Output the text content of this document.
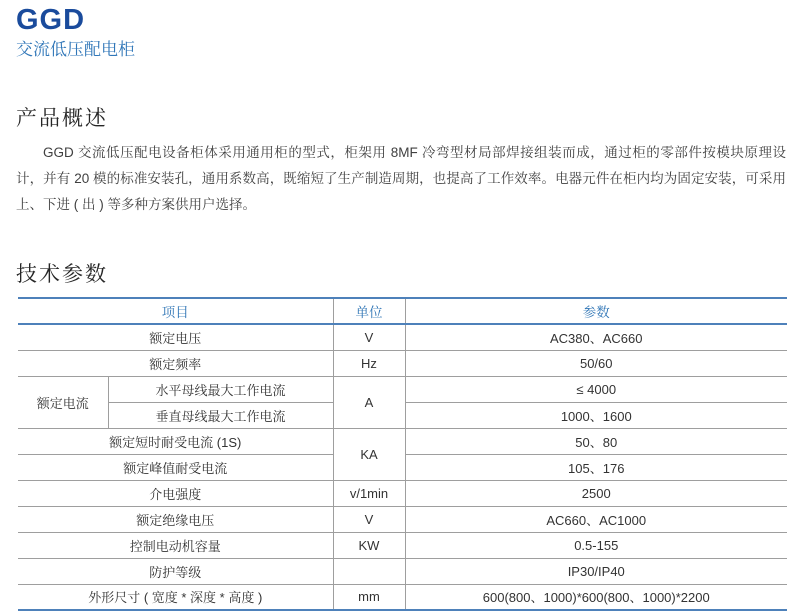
GGD
交流低压配电柜
产品概述

GGD 交流低压配电设备柜体采用通用柜的型式，柜架用 8MF 冷弯型材局部焊接组装而成，通过柜的零部件按模块原理设计，并有 20 模的标准安装孔，通用系数高，既缩短了生产制造周期，也提高了工作效率。电器元件在柜内均为固定安装，可采用上、下进 ( 出 ) 等多种方案供用户选择。

技术参数
项目		单位	参数
额定电压		V	AC380、AC660
额定频率		Hz	50/60
额定电流	水平母线最大工作电流	A	≤ 4000
	垂直母线最大工作电流		1000、1600
额定短时耐受电流 (1S)		KA	50、80
额定峰值耐受电流			105、176
介电强度		v/1min	2500
额定绝缘电压		V	AC660、AC1000
控制电动机容量		KW	0.5-155
防护等级			IP30/IP40
外形尺寸 ( 宽度 * 深度 * 高度 )		mm	600(800、1000)*600(800、1000)*2200
